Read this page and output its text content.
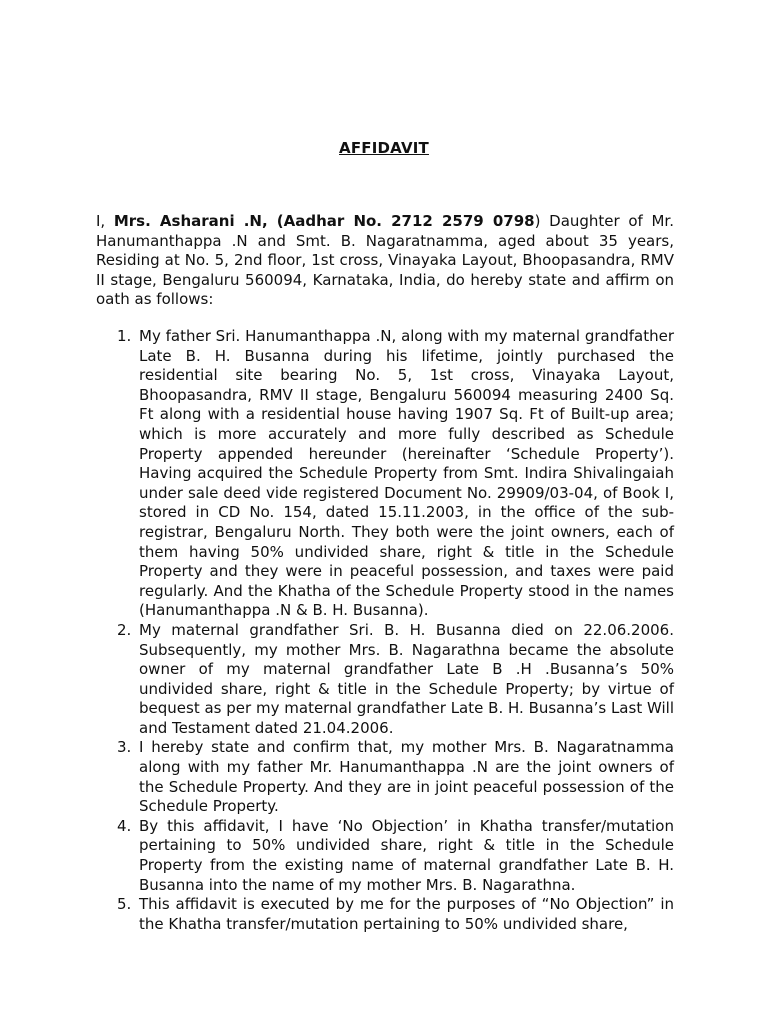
AFFIDAVIT

I, Mrs. Asharani .N, (Aadhar No. 2712 2579 0798) Daughter of Mr. Hanumanthappa .N and Smt. B. Nagaratnamma, aged about 35 years, Residing at No. 5, 2nd floor, 1st cross, Vinayaka Layout, Bhoopasandra, RMV II stage, Bengaluru 560094, Karnataka, India, do hereby state and affirm on oath as follows:

1. My father Sri. Hanumanthappa .N, along with my maternal grandfather Late B. H. Busanna during his lifetime, jointly purchased the residential site bearing No. 5, 1st cross, Vinayaka Layout, Bhoopasandra, RMV II stage, Bengaluru 560094 measuring 2400 Sq. Ft along with a residential house having 1907 Sq. Ft of Built-up area; which is more accurately and more fully described as Schedule Property appended hereunder (hereinafter ‘Schedule Property’). Having acquired the Schedule Property from Smt. Indira Shivalingaiah under sale deed vide registered Document No. 29909/03-04, of Book I, stored in CD No. 154, dated 15.11.2003, in the office of the sub-registrar, Bengaluru North. They both were the joint owners, each of them having 50% undivided share, right & title in the Schedule Property and they were in peaceful possession, and taxes were paid regularly. And the Khatha of the Schedule Property stood in the names (Hanumanthappa .N & B. H. Busanna).
2. My maternal grandfather Sri. B. H. Busanna died on 22.06.2006. Subsequently, my mother Mrs. B. Nagarathna became the absolute owner of my maternal grandfather Late B .H .Busanna’s 50% undivided share, right & title in the Schedule Property; by virtue of bequest as per my maternal grandfather Late B. H. Busanna’s Last Will and Testament dated 21.04.2006.
3. I hereby state and confirm that, my mother Mrs. B. Nagaratnamma along with my father Mr. Hanumanthappa .N are the joint owners of the Schedule Property. And they are in joint peaceful possession of the Schedule Property.
4. By this affidavit, I have ‘No Objection’ in Khatha transfer/mutation pertaining to 50% undivided share, right & title in the Schedule Property from the existing name of maternal grandfather Late B. H. Busanna into the name of my mother Mrs. B. Nagarathna.
5. This affidavit is executed by me for the purposes of “No Objection” in the Khatha transfer/mutation pertaining to 50% undivided share,
